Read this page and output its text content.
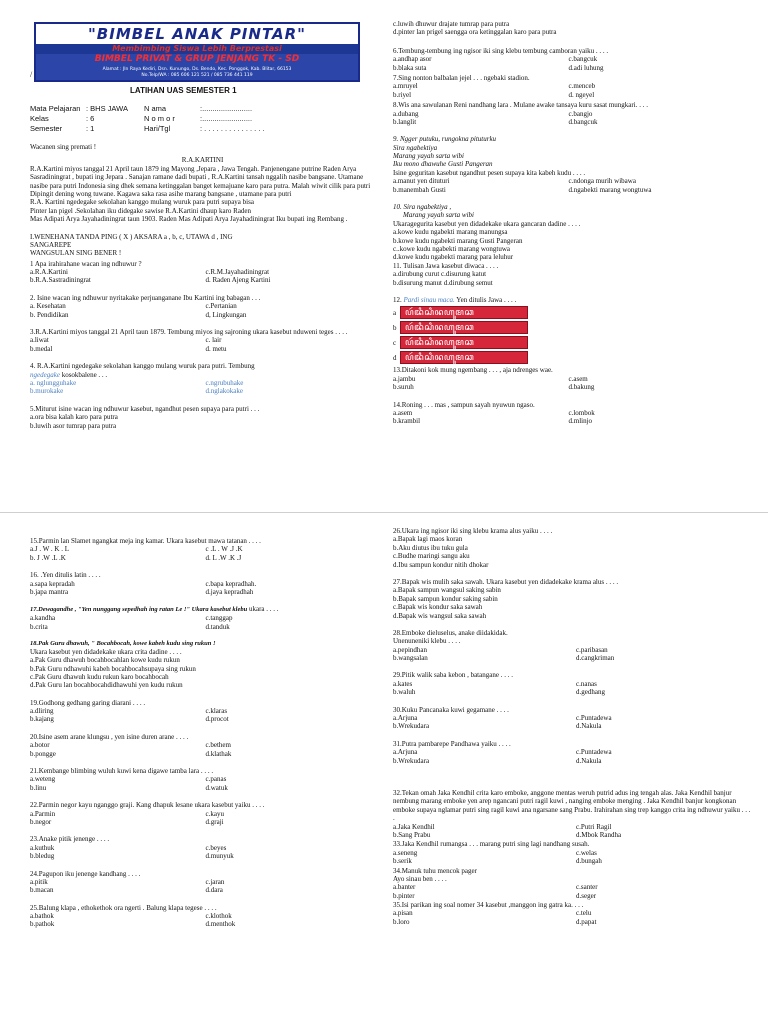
"BIMBEL ANAK PINTAR"
Membimbing Siswa Lebih Berprestasi
BIMBEL PRIVAT & GRUP JENJANG TK - SD
Alamat : Jln Raya Kediri, Dsn. Kunungo, Ds. Bendo, Kec. Ponggok, Kab. Blitar, 66153
No.Telp/WA : 085 606 121 521 / 085 736 441 119
/
LATIHAN UAS SEMESTER 1
Mata Pelajaran : BHS JAWA	N ama	:........................
Kelas	: 6	N o m o r	:........................
Semester	: 1	Hari/Tgl	: . . . . . . . . . . . . . . .
Wacanen sing premati !
R.A.KARTINI
R.A.Kartini miyos tanggal 21 April taun 1879 ing Mayong ,Jepara , Jawa Tengah. Panjenengane putrine Raden Arya Sasradiningrat , bupati ing Jepara . Sanajan ramane dadi bupati , R.A.Kartini tansah nggalih nasibe bangsane. Utamane nasibe para putri Indonesia sing dhek semana ketinggalan banget kemajuane karo para putra. Malah wiwit cilik para putri
Dipingit dening wong tuwane. Kagawa saka rasa asihe marang bangsane , utamane para putri
R.A. Kartini ngedegake sekolahan kanggo mulang wuruk para putri supaya bisa
Pinter lan pigel .Sekolahan iku didegake sawise R.A.Kartini dhaup karo Raden
Mas Adipati Arya Jayahadiningrat taun 1903. Raden Mas Adipati Arya Jayahadiningrat Iku bupati ing Rembang .
I.WENEHANA TANDA PING ( X ) AKSARA a , b, c, UTAWA d , ING
SANGAREPE
WANGSULAN SING BENER !
1 Apa irahirahane wacan ing ndhuwur ?
a.R.A.Kartini	c.R.M.Jayahadiningrat
b.R.A.Sastradiningrat	d. Raden Ajeng Kartini
2. Isine wacan ing ndhuwur nyritakake perjuanganane Ibu Kartini ing babagan . . .
a. Kesehatan	c.Pertanian
b. Pendidikan	d, Lingkungan
3.R.A.Kartini miyos tanggal 21 April taun 1879. Tembung miyos ing sajroning ukara kasebut nduweni teges . . . .
a.liwat	c. lair
b.medal	d. metu
4. R.A.Kartini ngedegake sekolahan kanggo mulang wuruk para putri. Tembung
ngedegake kosokbalene . . .
a. nglungguhake	c.ngrubuhake
b.murokake	d.nglakokake
5.Miturut isine wacan ing ndhuwur kasebut, ngandhut pesen supaya para putri . . .
a.ora bisa kalah karo para putra
b.luwih asor tumrap para putra
c.luwih dhuwur drajate tumrap para putra
d.pinter lan prigel saengga ora ketinggalan karo para putra
6.Tembung-tembung ing ngisor iki sing klebu tembung camboran yaiku . . . .
a.andhap asor	c.bangcuk
b.blaka suta	d.adi luhung
7.Sing nonton balbalan jejel . . . ngebaki stadion.
a.mruyel	c.menceb
b.riyel	d. ngeyel
8.Wis ana sawulanan Reni nandhang lara . Mulane awake tansaya kuru sasat mungkari. . . .
a.dubang	c.bangjo
b.langlit	d.bangcuk
9. Ngger putuku, rungokna pituturku
Sira ngabektiya
Marang yayah sarta wibi
Iku mono dhawuhe Gusti Pangeran
Isine geguritan kasebut ngandhut pesen supaya kita kabeh kudu . . . .
a.manut yen dituturi	c.ndonga murih wibawa
b.manembah Gusti	d.ngabekti marang wongtuwa
10. Sira ngabektiya ,
Marang yayah sarta wibi
Ukaragegurita kasebut yen didadekake ukara gancaran dadine . . . .
a.kowe kudu ngabekti marang manungsa
b.kowe kudu ngabekti marang Gusti Pangeran
c..kowe kudu ngabekti marang wongtuwa
d.kowe kudu ngabekti marang para leluhur
11. Tulisan Jawa kasebut diwaca . . . .
a.dirubung curut c.disurung katut
b.disurung manut d.dirubung semut
12. Pardi sinau maca. Yen ditulis Jawa . . . .
a ꦥꦂꦢꦶꦱꦶꦤꦲꦸꦩꦕ
b ꦥꦂꦢꦶꦱꦶꦤꦲꦸꦩꦕ
c ꦥꦂꦢꦶꦱꦶꦤꦲꦸꦩꦕ
d ꦥꦂꦢꦶꦱꦶꦤꦲꦸꦩꦕ
13.Ditakoni kok mung ngembang . . . , aja ndrenges wae.
a.jambu	c.asem
b.suruh	d.bakung
14.Roning . . . mas , sampun sayah nyuwun ngaso.
a.asem	c.lombok
b.krambil	d.mlinjo
15.Parmin lan Slamet ngangkat meja ing kamar. Ukara kasebut mawa tatanan . . . .
a.J . W . K . L	c .L . W .J .K
b. J .W .L .K	d. L .W .K .J
16. .Yen ditulis latin . . . .
a.sapa kepradah	c.bapa kepradhah.
b.japa mantra	d.jaya kepradhah
17.Dewagandhe , "Yen nunggang sepedhah ing ratan Le !" Ukara kasebut klebu ukara . . . .
a.kandha	c.tanggap
b.crita	d.tanduk
18.Pak Guru dhawuh, " Bocahbocah, kowe kabeh kudu sing rukun !
Ukara kasebut yen didadekake ukara crita dadine . . . .
a.Pak Guru dhawuh bocahbocahlan kowe kudu rukun
b.Pak Guru ndhawuhi kabeh bocahbocahsupaya sing rukun
c.Pak Guru dhawuh kudu rukun karo bocahbocah
d.Pak Guru lan bocahbocahdidhawuhi yen kudu rukun
19.Godhong gedhang garing diarani . . . .
a.dliring	c.klaras
b.kajang	d.procot
20.Isine asem arane klungsu , yen isine duren arane . . . .
a.botor	c.bethem
b.pongge	d.klathak
21.Kembange blimbing wuluh kuwi kena digawe tamba lara . . . .
a.weteng	c.panas
b.linu	d.watuk
22.Parmin negor kayu nganggo graji. Kang dhapuk lesane ukara kasebut yaiku . . . .
a.Parmin	c.kayu
b.negor	d.graji
23.Anake pitik jenenge . . . .
a.kuthuk	c.beyes
b.bledug	d.munyuk
24.Pagupon iku jenenge kandhang . . . .
a.pitik	c.jaran
b.macan	d.dara
25.Balung klapa , ethokethok ora ngerti . Balung klapa tegese . . . .
a.bathok	c.klothok
b.pathok	d.menthok
26.Ukara ing ngisor iki sing klebu krama alus yaiku . . . .
a.Bapak lagi maos koran
b.Aku diutus ibu tuku gula
c.Budhe maringi sangu aku
d.Ibu sampun kondur nitih dhokar
27.Bapak wis mulih saka sawah. Ukara kasebut yen didadekake krama alus . . . .
a.Bapak sampun wangsul saking sabin
b.Bapak sampun kondur saking sabin
c.Bapak wis kondur saka sawah
d.Bapak wis wangsul saka sawah
28.Emboke dieluselus, anake diidakidak.
Unenuneniki klebu . . . .
a.pepindhan	c.paribasan
b.wangsalan	d.cangkriman
29.Pitik walik saba kebon , batangane . . . .
a.kates	c.nanas
b.waluh	d.gedhang
30.Kuku Pancanaka kuwi gegamane . . . .
a.Arjuna	c.Puntadewa
b.Wrekudara	d.Nakula
31.Putra pambarepe Pandhawa yaiku . . . .
a.Arjuna	c.Puntadewa
b.Wrekudara	d.Nakula
32.Tekan omah Jaka Kendhil crita karo emboke, anggone mentas weruh putrid adus ing tengah alas. Jaka Kendhil banjur nembung marang emboke yen arep ngancani putri ragil kuwi , nanging emboke menging . Jaka Kendhil banjur kongkonan emboke supaya nglamar putri sing ragil kuwi ana ngarsane sang Prabu. Irahirahan sing trep kanggo crita ing ndhuwur yaiku . . . .
a.Jaka Kendhil	c.Putri Ragil
b.Sang Prabu	d.Mbok Randha
33.Jaka Kendhil rumangsa . . . marang putri sing lagi nandhang susah.
a.seneng	c.welas
b.serik	d.bungah
34.Manuk tuhu mencok pager
Ayo sinau ben . . . .
a.banter	c.santer
b.pinter	d.seger
35.Isi parikan ing soal nomer 34 kasebut ,manggon ing gatra ka. . . .
a.pisan	c.telu
b.loro	d.papat
